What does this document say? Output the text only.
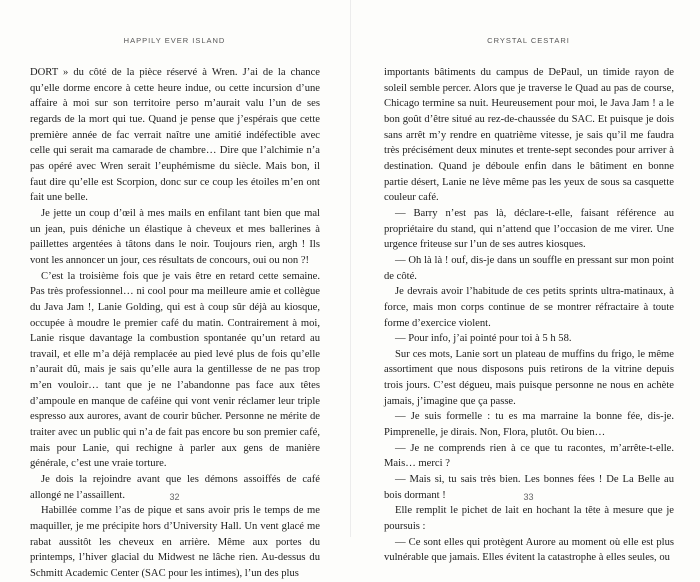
HAPPILY EVER ISLAND

DORT » du côté de la pièce réservé à Wren. J’ai de la chance qu’elle dorme encore à cette heure indue, ou cette incursion d’une affaire à moi sur son territoire perso m’aurait valu l’un de ses regards de la mort qui tue. Quand je pense que j’espérais que cette première année de fac verrait naître une amitié indéfectible avec celle qui serait ma camarade de chambre… Dire que l’alchimie n’a pas opéré avec Wren serait l’euphémisme du siècle. Mais bon, il faut dire qu’elle est Scorpion, donc sur ce coup les étoiles m’en ont fait une belle.

Je jette un coup d’œil à mes mails en enfilant tant bien que mal un jean, puis déniche un élastique à cheveux et mes ballerines à paillettes argentées à tâtons dans le noir. Toujours rien, argh ! Ils vont les annoncer un jour, ces résultats de concours, oui ou non ?!

C’est la troisième fois que je vais être en retard cette semaine. Pas très professionnel… ni cool pour ma meilleure amie et collègue du Java Jam !, Lanie Golding, qui est à coup sûr déjà au kiosque, occupée à moudre le premier café du matin. Contrairement à moi, Lanie risque davantage la combustion spontanée qu’un retard au travail, et elle m’a déjà remplacée au pied levé plus de fois qu’elle n’aurait dû, mais je sais qu’elle aura la gentillesse de ne pas trop m’en vouloir… tant que je ne l’abandonne pas face aux têtes d’ampoule en manque de caféine qui vont venir réclamer leur triple espresso aux aurores, avant de courir bûcher. Personne ne mérite de traiter avec un public qui n’a de fait pas encore bu son premier café, mais pour Lanie, qui rechigne à parler aux gens de manière générale, c’est une vraie torture.

Je dois la rejoindre avant que les démons assoiffés de café allongé ne l’assaillent.

Habillée comme l’as de pique et sans avoir pris le temps de me maquiller, je me précipite hors d’University Hall. Un vent glacé me rabat aussitôt les cheveux en arrière. Même aux portes du printemps, l’hiver glacial du Midwest ne lâche rien. Au-dessus du Schmitt Academic Center (SAC pour les intimes), l’un des plus

32
CRYSTAL CESTARI

importants bâtiments du campus de DePaul, un timide rayon de soleil semble percer. Alors que je traverse le Quad au pas de course, Chicago termine sa nuit. Heureusement pour moi, le Java Jam ! a le bon goût d’être situé au rez-de-chaussée du SAC. Et puisque je dois sans arrêt m’y rendre en quatrième vitesse, je sais qu’il me faudra très précisément deux minutes et trente-sept secondes pour arriver à destination. Quand je déboule enfin dans le bâtiment en bonne partie désert, Lanie ne lève même pas les yeux de sous sa casquette couleur café.

— Barry n’est pas là, déclare-t-elle, faisant référence au propriétaire du stand, qui n’attend que l’occasion de me virer. Une urgence friteuse sur l’un de ses autres kiosques.

— Oh là là ! ouf, dis-je dans un souffle en pressant sur mon point de côté.

Je devrais avoir l’habitude de ces petits sprints ultra-matinaux, à force, mais mon corps continue de se montrer réfractaire à toute forme d’exercice violent.

— Pour info, j’ai pointé pour toi à 5 h 58.

Sur ces mots, Lanie sort un plateau de muffins du frigo, le même assortiment que nous disposons puis retirons de la vitrine depuis trois jours. C’est dégueu, mais puisque personne ne nous en achète jamais, j’imagine que ça passe.

— Je suis formelle : tu es ma marraine la bonne fée, dis-je. Pimprenelle, je dirais. Non, Flora, plutôt. Ou bien…

— Je ne comprends rien à ce que tu racontes, m’arrête-t-elle. Mais… merci ?

— Mais si, tu sais très bien. Les bonnes fées ! De La Belle au bois dormant !

Elle remplit le pichet de lait en hochant la tête à mesure que je poursuis :

— Ce sont elles qui protègent Aurore au moment où elle est plus vulnérable que jamais. Elles évitent la catastrophe à elles seules, ou

33
